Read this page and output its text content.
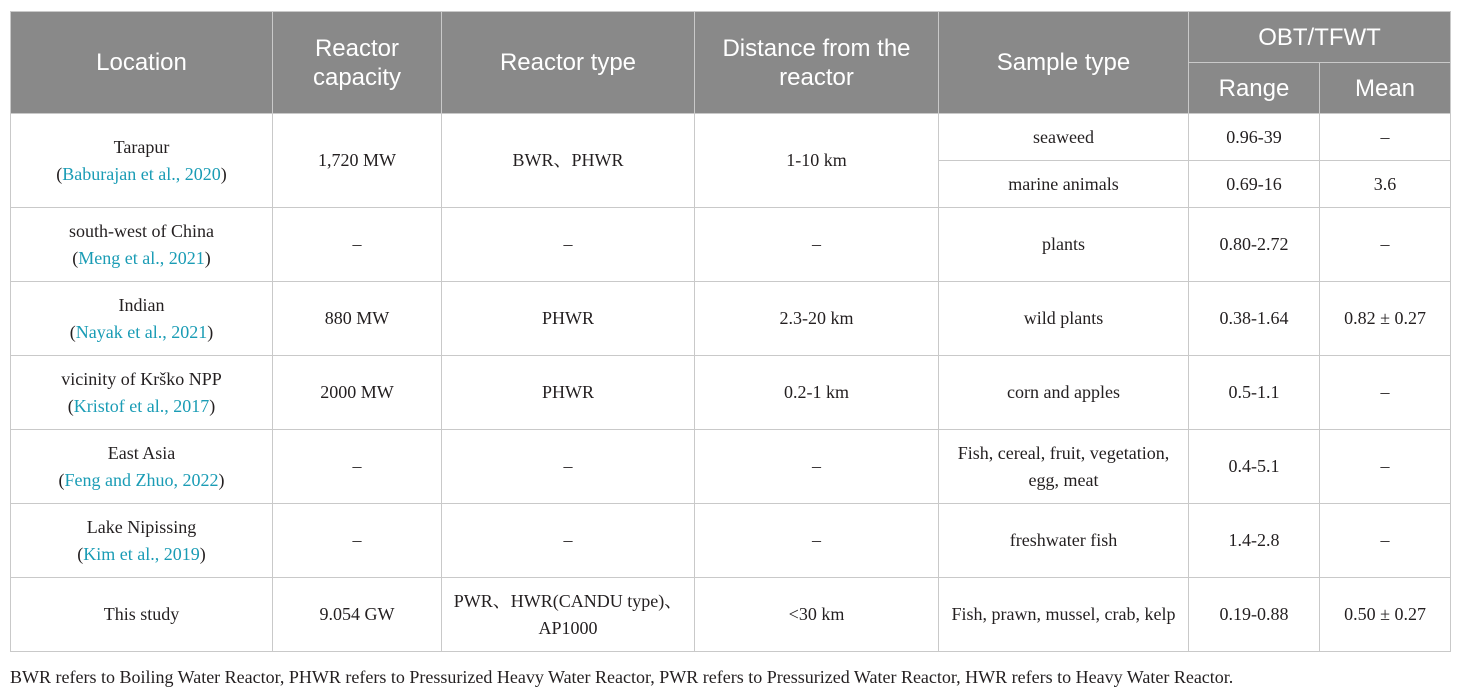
Location	Reactor capacity	Reactor type	Distance from the reactor	Sample type	OBT/TFWT	
					Range	Mean
Tarapur
(Baburajan et al., 2020)	1,720 MW	BWR、PHWR	1-10 km	seaweed	0.96-39	–
				marine animals	0.69-16	3.6
south-west of China
(Meng et al., 2021)	–	–	–	plants	0.80-2.72	–
Indian
(Nayak et al., 2021)	880 MW	PHWR	2.3-20 km	wild plants	0.38-1.64	0.82 ± 0.27
vicinity of Krško NPP
(Kristof et al., 2017)	2000 MW	PHWR	0.2-1 km	corn and apples	0.5-1.1	–
East Asia
(Feng and Zhuo, 2022)	–	–	–	Fish, cereal, fruit, vegetation, egg, meat	0.4-5.1	–
Lake Nipissing
(Kim et al., 2019)	–	–	–	freshwater fish	1.4-2.8	–
This study	9.054 GW	PWR、HWR(CANDU type)、AP1000	<30 km	Fish, prawn, mussel, crab, kelp	0.19-0.88	0.50 ± 0.27
BWR refers to Boiling Water Reactor, PHWR refers to Pressurized Heavy Water Reactor, PWR refers to Pressurized Water Reactor, HWR refers to Heavy Water Reactor.
